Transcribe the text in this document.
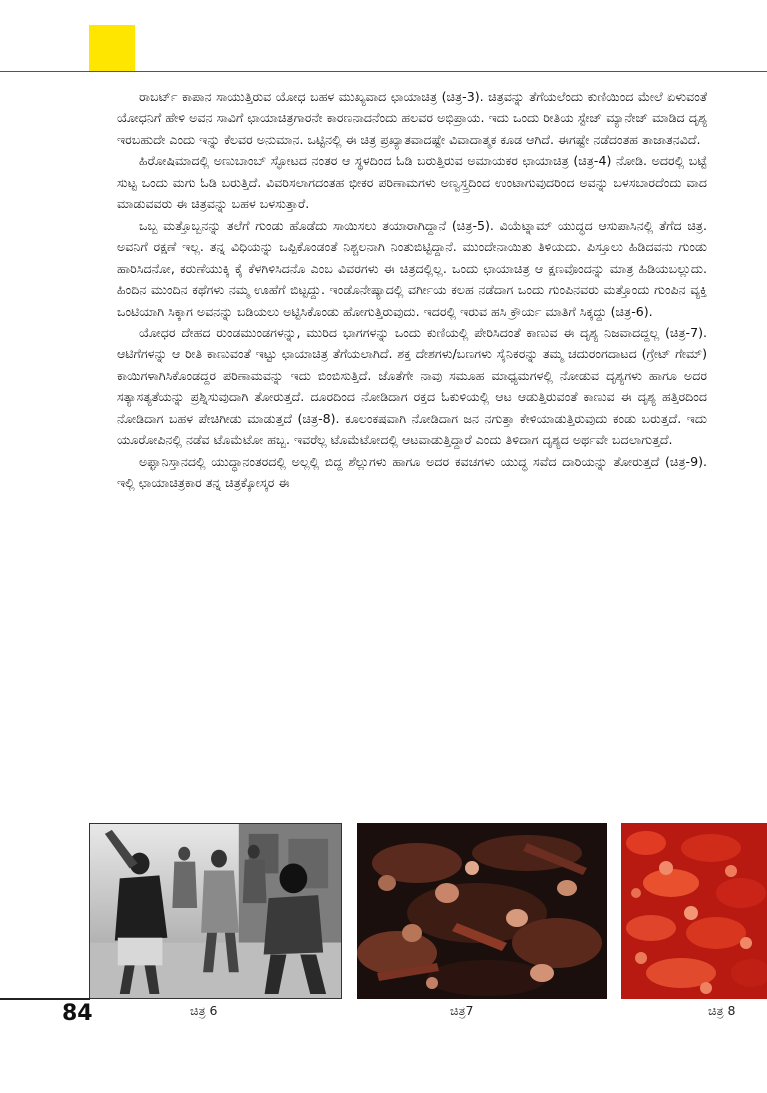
ರಾಬರ್ಟ್ ಕಾಪಾನ ಸಾಯುತ್ತಿರುವ ಯೋಧ ಬಹಳ ಮುಖ್ಯವಾದ ಛಾಯಾಚಿತ್ರ (ಚಿತ್ರ-3). ಚಿತ್ರವನ್ನು ತೆಗೆಯಲೆಂದು ಕುಣಿಯಿಂದ ಮೇಲೆ ಏಳುವಂತೆ ಯೋಧನಿಗೆ ಹೇಳಿ ಅವನ ಸಾವಿಗೆ ಛಾಯಾಚಿತ್ರಗಾರನೇ ಕಾರಣನಾದನೆಂದು ಹಲವರ ಅಭಿಪ್ರಾಯ. ಇದು ಒಂದು ರೀತಿಯ ಸ್ಟೇಜ್ ಮ್ಯಾನೇಜ್ ಮಾಡಿದ ದೃಶ್ಯ ಇರಬಹುದೇ ಎಂದು ಇನ್ನು ಕೆಲವರ ಅನುಮಾನ. ಒಟ್ಟಿನಲ್ಲಿ ಈ ಚಿತ್ರ ಪ್ರಖ್ಯಾತವಾದಷ್ಟೇ ವಿವಾದಾತ್ಮಕ ಕೂಡ ಆಗಿದೆ. ಈಗಷ್ಟೇ ನಡೆದಂತಹ ತಾಜಾತನವಿದೆ.

ಹಿರೋಷಿಮಾದಲ್ಲಿ ಅಣುಬಾಂಬ್ ಸ್ಫೋಟದ ನಂತರ ಆ ಸ್ಥಳದಿಂದ ಓಡಿ ಬರುತ್ತಿರುವ ಅಮಾಯಕರ ಛಾಯಾಚಿತ್ರ (ಚಿತ್ರ-4) ನೋಡಿ. ಅದರಲ್ಲಿ ಬಟ್ಟೆ ಸುಟ್ಟ ಒಂದು ಮಗು ಓಡಿ ಬರುತ್ತಿದೆ. ವಿವರಿಸಲಾಗದಂತಹ ಭೀಕರ ಪರಿಣಾಮಗಳು ಅಣ್ವಸ್ತ್ರದಿಂದ ಉಂಟಾಗುವುದರಿಂದ ಅವನ್ನು ಬಳಸಬಾರದೆಂದು ವಾದ ಮಾಡುವವರು ಈ ಚಿತ್ರವನ್ನು ಬಹಳ ಬಳಸುತ್ತಾರೆ.

ಒಬ್ಬ ಮತ್ತೊಬ್ಬನನ್ನು ತಲೆಗೆ ಗುಂಡು ಹೊಡೆದು ಸಾಯಿಸಲು ತಯಾರಾಗಿದ್ದಾನೆ (ಚಿತ್ರ-5). ವಿಯೆಟ್ನಾಮ್ ಯುದ್ಧದ ಆಸುಪಾಸಿನಲ್ಲಿ ತೆಗೆದ ಚಿತ್ರ. ಅವನಿಗೆ ರಕ್ಷಣೆ ಇಲ್ಲ. ತನ್ನ ವಿಧಿಯನ್ನು ಒಪ್ಪಿಕೊಂಡಂತೆ ನಿಶ್ಚಲನಾಗಿ ನಿಂತುಬಿಟ್ಟಿದ್ದಾನೆ. ಮುಂದೇನಾಯಿತು ತಿಳಿಯದು. ಪಿಸ್ತೂಲು ಹಿಡಿದವನು ಗುಂಡು ಹಾರಿಸಿದನೋ, ಕರುಣೆಯುಕ್ಕಿ ಕೈ ಕೆಳಗಿಳಿಸಿದನೊ ಎಂಬ ವಿವರಗಳು ಈ ಚಿತ್ರದಲ್ಲಿಲ್ಲ. ಒಂದು ಛಾಯಾಚಿತ್ರ ಆ ಕ್ಷಣವೊಂದನ್ನು ಮಾತ್ರ ಹಿಡಿಯಬಲ್ಲುದು. ಹಿಂದಿನ ಮುಂದಿನ ಕಥೆಗಳು ನಮ್ಮ ಊಹೆಗೆ ಬಿಟ್ಟದ್ದು. ಇಂಡೊನೇಷ್ಯಾದಲ್ಲಿ ವರ್ಗೀಯ ಕಲಹ ನಡೆದಾಗ ಒಂದು ಗುಂಪಿನವರು ಮತ್ತೊಂದು ಗುಂಪಿನ ವ್ಯಕ್ತಿ ಒಂಟಿಯಾಗಿ ಸಿಕ್ಕಾಗ ಅವನನ್ನು ಬಡಿಯಲು ಅಟ್ಟಿಸಿಕೊಂಡು ಹೋಗುತ್ತಿರುವುದು. ಇದರಲ್ಲಿ ಇರುವ ಹಸಿ ಕ್ರೌರ್ಯ ಮಾತಿಗೆ ಸಿಕ್ಕದ್ದು (ಚಿತ್ರ-6).

ಯೋಧರ ದೇಹದ ರುಂಡಮುಂಡಗಳನ್ನು, ಮುರಿದ ಭಾಗಗಳನ್ನು ಒಂದು ಕುಣಿಯಲ್ಲಿ ಪೇರಿಸಿದಂತೆ ಕಾಣುವ ಈ ದೃಶ್ಯ ನಿಜವಾದದ್ದಲ್ಲ (ಚಿತ್ರ-7). ಆಟಿಗೆಗಳನ್ನು ಆ ರೀತಿ ಕಾಣುವಂತೆ ಇಟ್ಟು ಛಾಯಾಚಿತ್ರ ತೆಗೆಯಲಾಗಿದೆ. ಶಕ್ತ ದೇಶಗಳು/ಬಣಗಳು ಸೈನಿಕರನ್ನು ತಮ್ಮ ಚದುರಂಗದಾಟದ (ಗ್ರೇಟ್ ಗೇಮ್) ಕಾಯಿಗಳಾಗಿಸಿಕೊಂಡದ್ದರ ಪರಿಣಾಮವನ್ನು ಇದು ಬಿಂಬಿಸುತ್ತಿದೆ. ಜೊತೆಗೇ ನಾವು ಸಮೂಹ ಮಾಧ್ಯಮಗಳಲ್ಲಿ ನೋಡುವ ದೃಶ್ಯಗಳು ಹಾಗೂ ಅದರ ಸತ್ಯಾಸತ್ಯತೆಯನ್ನು ಪ್ರಶ್ನಿಸುವುದಾಗಿ ತೋರುತ್ತದೆ. ದೂರದಿಂದ ನೋಡಿದಾಗ ರಕ್ತದ ಓಕುಳಿಯಲ್ಲಿ ಆಟ ಆಡುತ್ತಿರುವಂತೆ ಕಾಣುವ ಈ ದೃಶ್ಯ ಹತ್ತಿರದಿಂದ ನೋಡಿದಾಗ ಬಹಳ ಪೇಚಿಗೀಡು ಮಾಡುತ್ತದೆ (ಚಿತ್ರ-8). ಕೂಲಂಕಷವಾಗಿ ನೋಡಿದಾಗ ಜನ ನಗುತ್ತಾ ಕೇಳಿಯಾಡುತ್ತಿರುವುದು ಕಂಡು ಬರುತ್ತದೆ. ಇದು ಯೂರೋಪಿನಲ್ಲಿ ನಡೆವ ಟೊಮೆಟೋ ಹಬ್ಬ. ಇವರೆಲ್ಲ ಟೊಮೆಟೋದಲ್ಲಿ ಆಟವಾಡುತ್ತಿದ್ದಾರೆ ಎಂದು ತಿಳಿದಾಗ ದೃಶ್ಯದ ಅರ್ಥವೇ ಬದಲಾಗುತ್ತದೆ.

ಅಫ್ಘಾನಿಸ್ತಾನದಲ್ಲಿ ಯುದ್ಧಾನಂತರದಲ್ಲಿ ಅಲ್ಲಲ್ಲಿ ಬಿದ್ದ ಶೆಲ್ಲುಗಳು ಹಾಗೂ ಅದರ ಕವಚಗಳು ಯುದ್ಧ ಸವೆದ ದಾರಿಯನ್ನು ತೋರುತ್ತದೆ (ಚಿತ್ರ-9). ಇಲ್ಲಿ ಛಾಯಾಚಿತ್ರಕಾರ ತನ್ನ ಚಿತ್ರಕ್ಕೋಸ್ಕರ ಈ

84	ಚಿತ್ರ 6	ಚಿತ್ರ7	ಚಿತ್ರ 8
